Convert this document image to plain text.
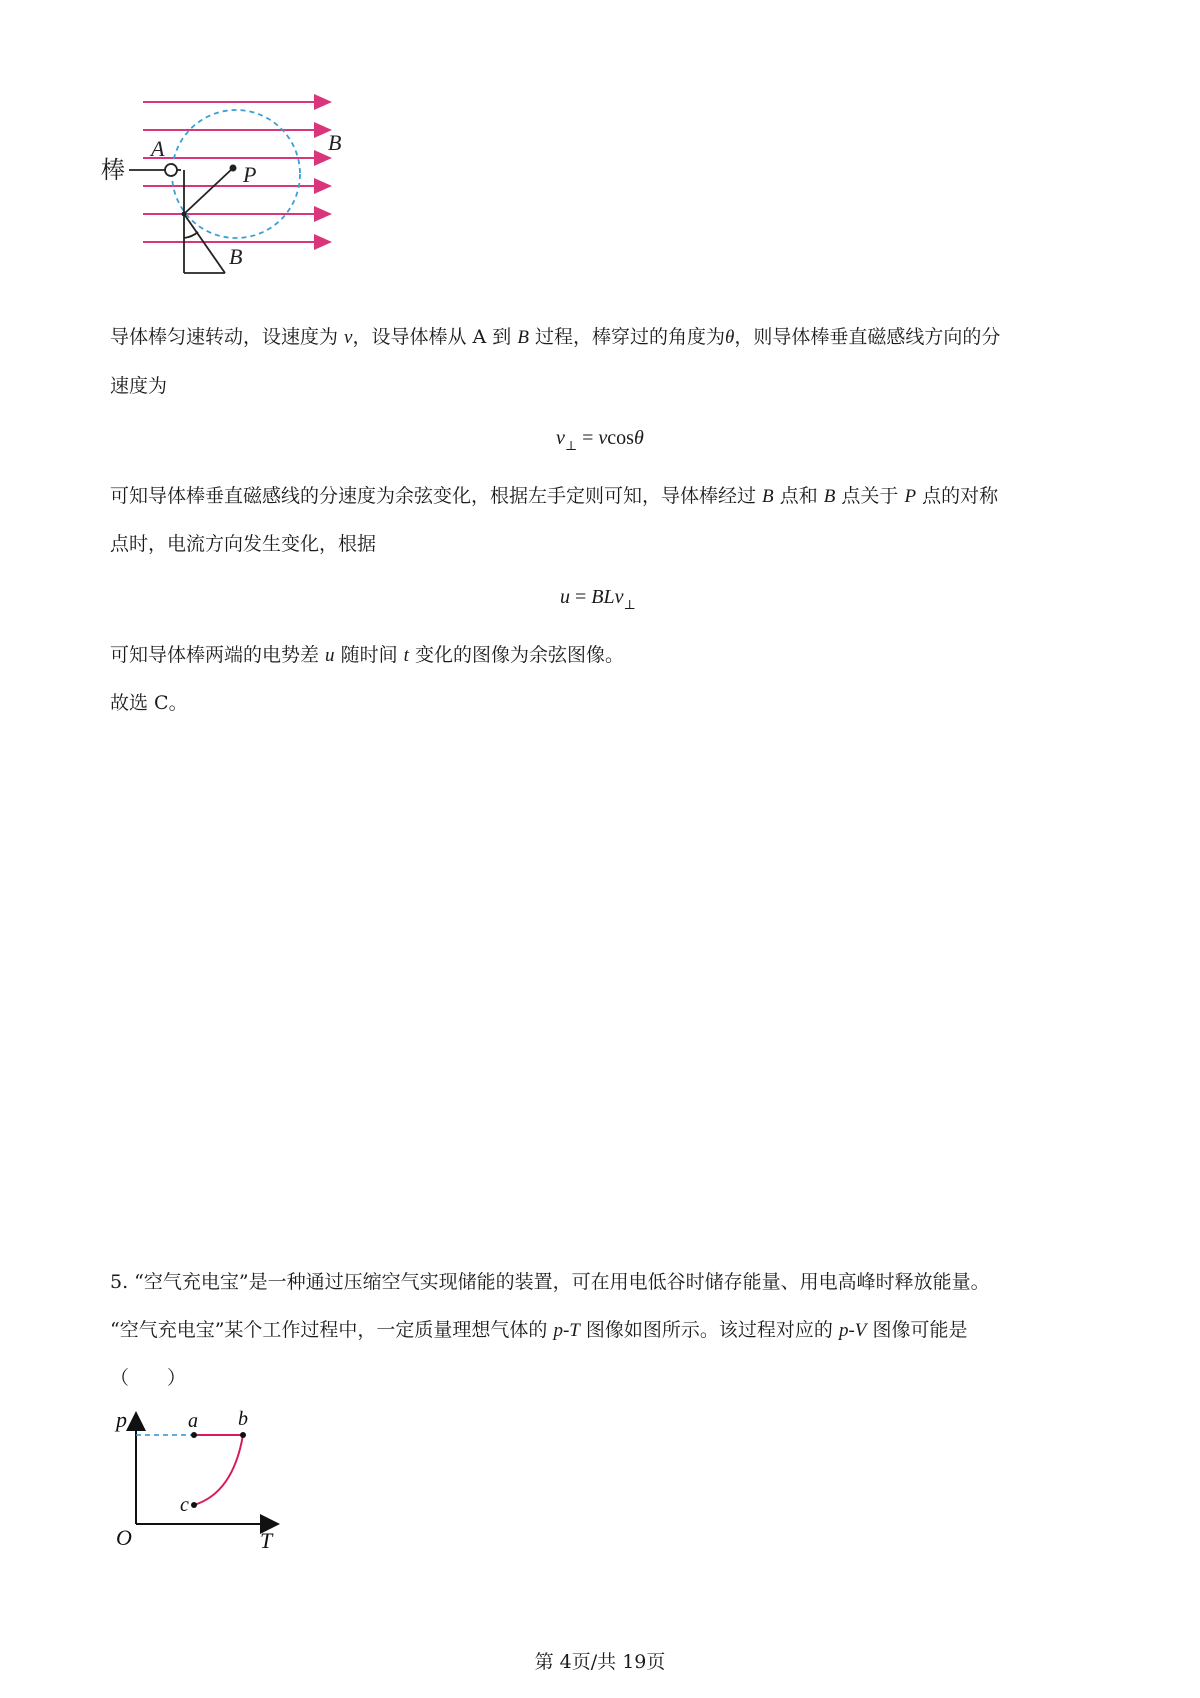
棒
A
P
B
B
导体棒匀速转动，设速度为 v，设导体棒从 A 到 B 过程，棒穿过的角度为θ，则导体棒垂直磁感线方向的分
速度为
$v_\perp = vcos\theta$
可知导体棒垂直磁感线的分速度为余弦变化，根据左手定则可知，导体棒经过 B 点和 B 点关于 P 点的对称
点时，电流方向发生变化，根据
u = BLv$_\perp$
可知导体棒两端的电势差 u 随时间 t 变化的图像为余弦图像。
故选 C。
5. “空气充电宝”是一种通过压缩空气实现储能的装置，可在用电低谷时储存能量、用电高峰时释放能量。
“空气充电宝”某个工作过程中，一定质量理想气体的 p-T 图像如图所示。该过程对应的 p-V 图像可能是
（　　）
p
T
O
a b
c
第 4页/共 19页
